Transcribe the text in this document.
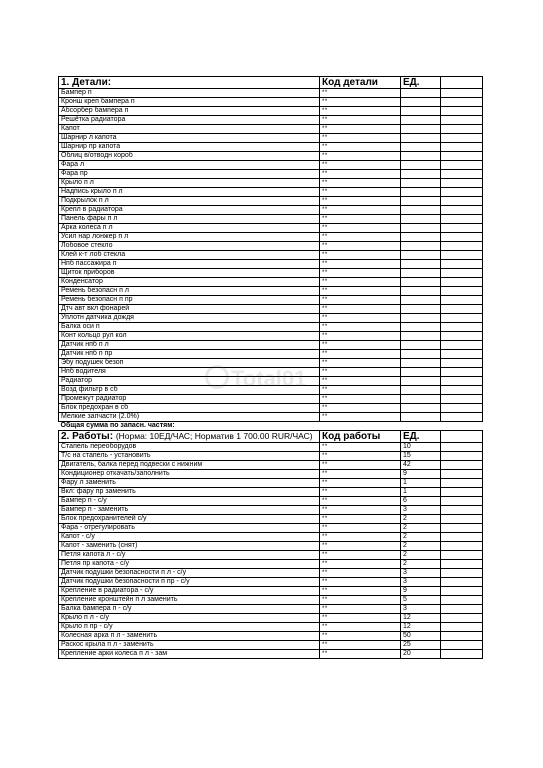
1. Детали:	Код детали	ЕД.	
Бампер п	**		
Кронш креп бампера п	**		
Абсорбер бампера п	**		
Решётка радиатора	**		
Капот	**		
Шарнир л капота	**		
Шарнир пр капота	**		
Облиц в/отводн короб	**		
Фара л	**		
Фара пр	**		
Крыло п л	**		
Надпись крыло п л	**		
Подкрылок п л	**		
Крепл в радиатора	**		
Панель фары п л	**		
Арка колеса п л	**		
Усил нар лонжер п л	**		
Лобовое стекло	**		
Клей к-т лоб стекла	**		
Нпб пассажира п	**		
Щиток приборов	**		
Конденсатор	**		
Ремень безопасн п л	**		
Ремень безопасн п пр	**		
Дтч авт вкл фонарей	**		
Уплотн датчика дождя	**		
Балка оси п	**		
Конт кольцо рул кол	**		
Датчик нпб п л	**		
Датчик нпб п пр	**		
Эбу подушек безоп	**		
Нпб водителя	**		
Радиатор	**		
Возд фильтр в сб	**		
Промежут радиатор	**		
Блок предохран в сб	**		
Мелкие запчасти (2.0%)	**		
Общая сумма по запасн. частям:			
2. Работы: (Норма: 10ЕД/ЧАС; Норматив 1 700.00 RUR/ЧАС)	Код работы	ЕД.	
Стапель переоборудов	**	10	
Т/с на стапель - установить	**	15	
Двигатель, балка перед подвески с нижним	**	42	
Кондиционер откачать/заполнить	**	9	
Фару л заменить	**	1	
Вкл: фару пр заменить	**	1	
Бампер п - с/у	**	6	
Бампер п - заменить	**	3	
Блок предохранителей с/у	**	2	
Фара - отрегулировать	**	2	
Капот - с/у	**	2	
Капот - заменить (снят)	**	2	
Петля капота л - с/у	**	2	
Петля пр капота - с/у	**	2	
Датчик подушки безопасности п л - с/у	**	3	
Датчик подушки безопасности п пр - с/у	**	3	
Крепление в радиатора - с/у	**	9	
Крепление кронштейн п л заменить	**	5	
Балка бампера п - с/у	**	3	
Крыло п л - с/у	**	12	
Крыло п пр - с/у	**	12	
Колесная арка п л - заменить	**	50	
Раскос крыла п л - заменить	**	25	
Крепление арки колеса п л - зам	**	20	
Total01
